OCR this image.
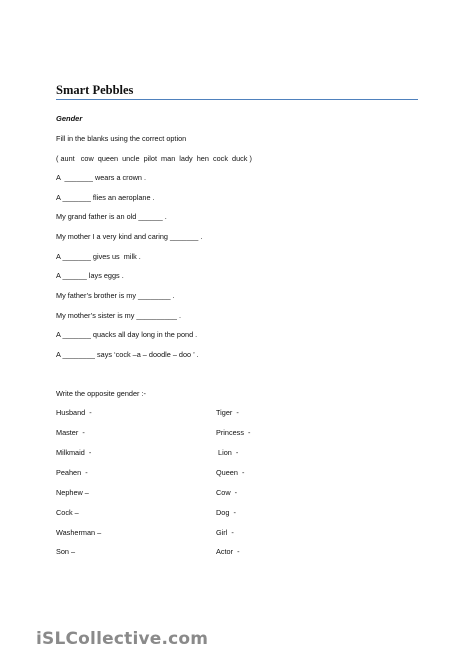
Smart Pebbles
Gender
Fill in the blanks using the correct option
( aunt   cow  queen  uncle  pilot  man  lady  hen  cock  duck )
A  _______ wears a crown .
A _______ flies an aeroplane .
My grand father is an old ______ .
My mother I a very kind and caring _______ .
A _______ gives us  milk .
A ______ lays eggs .
My father’s brother is my ________ .
My mother’s sister is my __________ .
A _______ quacks all day long in the pond .
A ________ says ‘cock –a – doodle – doo ’ .
Write the opposite gender :-
Husband  -
Master  -
Milkmaid  -
Peahen  -
Nephew –
Cock –
Washerman –
Son –
Tiger  -
Princess  -
Lion  -
Queen  -
Cow  -
Dog  -
Girl  -
Actor  -
iSLCollective.com
